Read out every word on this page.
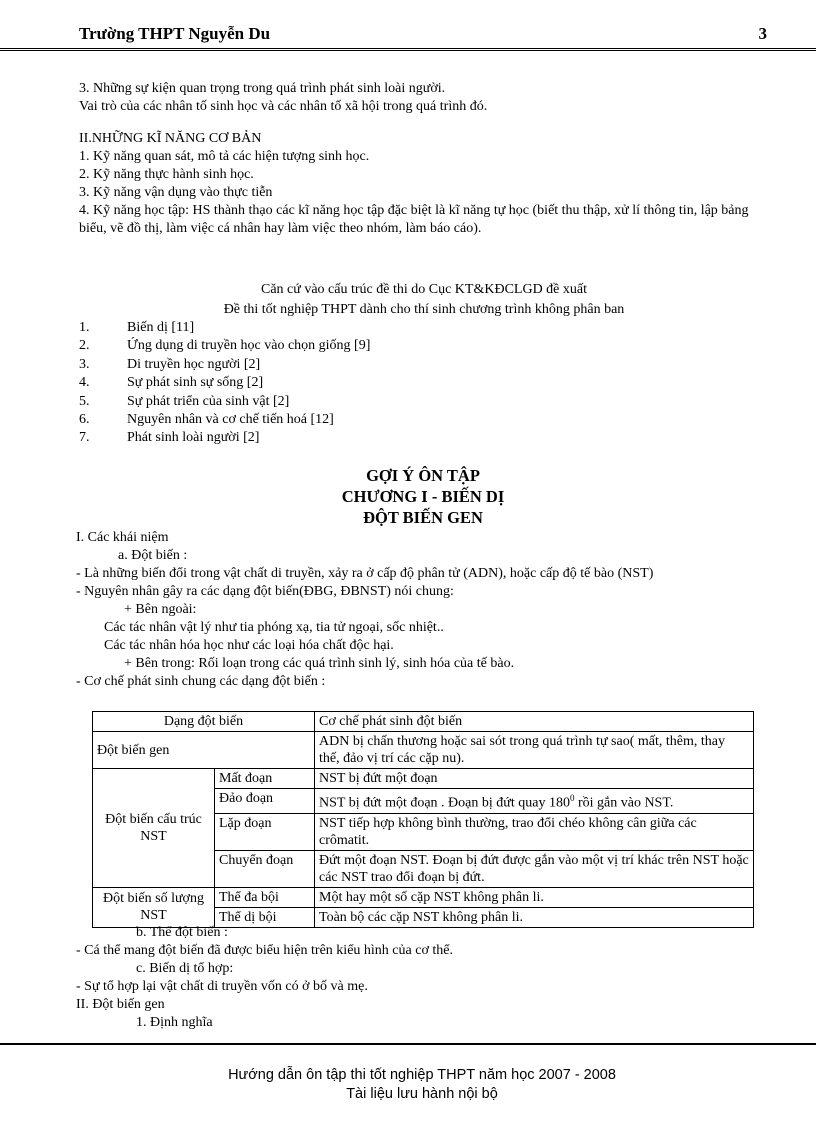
Trường THPT Nguyễn Du	3

3. Những sự kiện quan trọng trong quá trình phát sinh loài người.

Vai trò của các nhân tố sinh học và các nhân tố xã hội trong quá trình đó.

II.NHỮNG KĨ NĂNG CƠ BẢN

1. Kỹ năng quan sát, mô tả các hiện tượng sinh học.

2. Kỹ năng thực hành sinh học.

3. Kỹ năng vận dụng vào thực tiễn

4. Kỹ năng học tập: HS thành thạo các kĩ năng học tập đặc biệt là kĩ năng tự học (biết thu thập, xử lí thông tin, lập bảng biểu, vẽ đồ thị, làm việc cá nhân hay làm việc theo nhóm, làm báo cáo).

Căn cứ vào cấu trúc đề thi do Cục KT&KĐCLGD đề xuất

Đề thi tốt nghiệp THPT dành cho thí sinh chương trình không phân ban

1.	Biến dị [11]
2.	Ứng dụng di truyền học vào chọn giống [9]
3.	Di truyền học người [2]
4.	Sự phát sinh sự sống [2]
5.	Sự phát triển của sinh vật [2]
6.	Nguyên nhân và cơ chế tiến hoá [12]
7.	Phát sinh loài người [2]

GỢI Ý ÔN TẬP

CHƯƠNG I - BIẾN DỊ

ĐỘT BIẾN GEN

I. Các khái niệm

a. Đột biến :

- Là những biến đổi trong vật chất di truyền, xảy ra ở cấp độ phân tử (ADN), hoặc cấp độ tế bào (NST)

- Nguyên nhân gây ra các dạng đột biến(ĐBG, ĐBNST) nói chung:

+ Bên ngoài:

Các tác nhân vật lý như tia phóng xạ, tia tử ngoại, sốc nhiệt..

Các tác nhân hóa học như các loại hóa chất độc hại.

+ Bên trong: Rối loạn trong các quá trình sinh lý, sinh hóa của tế bào.

- Cơ chế phát sinh chung các dạng đột biến :

Dạng đột biến		Cơ chế phát sinh đột biến
Đột biến gen		ADN bị chấn thương hoặc sai sót trong quá trình tự sao( mất, thêm, thay thế, đảo vị trí các cặp nu).
Đột biến cấu trúc NST	Mất đoạn	NST bị đứt một đoạn
	Đảo đoạn	NST bị đứt một đoạn . Đoạn bị đứt quay $180^0$ rồi gắn vào NST.
	Lặp đoạn	NST tiếp hợp không bình thường, trao đổi chéo không cân giữa các crômatit.
	Chuyển đoạn	Đứt một đoạn NST. Đoạn bị đứt được gắn vào một vị trí khác trên NST hoặc các NST trao đổi đoạn bị đứt.
Đột biến số lượng NST	Thể đa bội	Một hay một số cặp NST không phân li.
	Thể dị bội	Toàn bộ các cặp NST không phân li.

b. Thể đột biến :

- Cá thể mang đột biến đã được biểu hiện trên kiểu hình của cơ thể.

c. Biến dị tổ hợp:

- Sự tổ hợp lại vật chất di truyền vốn có ở bố và mẹ.

II. Đột biến gen

1. Định nghĩa

Hướng dẫn ôn tập thi tốt nghiệp THPT năm học 2007 - 2008
Tài liệu lưu hành nội bộ
